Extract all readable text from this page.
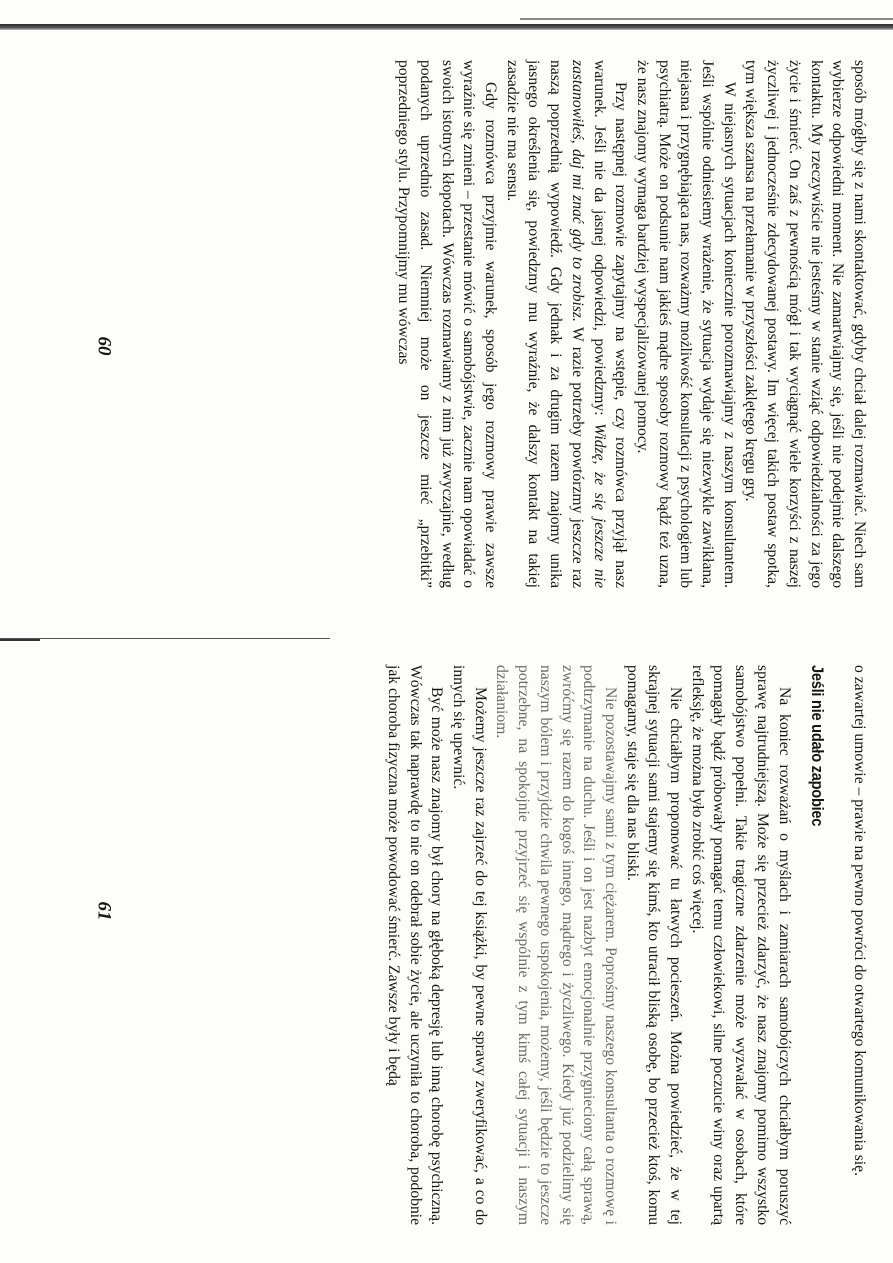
sposób mógłby się z nami skontaktować, gdyby chciał dalej rozmawiać. Niech sam wybierze odpowiedni moment. Nie zamartwiajmy się, jeśli nie podejmie dalszego kontaktu. My rzeczywiście nie jesteśmy w stanie wziąć odpowiedzialności za jego życie i śmierć. On zaś z pewnością mógł i tak wyciągnąć wiele korzyści z naszej życzliwej i jednocześnie zdecydowanej postawy. Im więcej takich postaw spotka, tym większa szansa na przełamanie w przyszłości zaklętego kręgu gry.

W niejasnych sytuacjach koniecznie porozmawiajmy z naszym konsultantem. Jeśli wspólnie odniesiemy wrażenie, że sytuacja wydaje się niezwykle zawikłana, niejasna i przygnębiająca nas, rozważmy możliwość konsultacji z psychologiem lub psychiatrą. Może on podsunie nam jakieś mądre sposoby rozmowy bądź też uzna, że nasz znajomy wymaga bardziej wyspecjalizowanej pomocy.

Przy następnej rozmowie zapytajmy na wstępie, czy rozmówca przyjął nasz warunek. Jeśli nie da jasnej odpowiedzi, powiedzmy: Widzę, że się jeszcze nie zastanowiłeś, daj mi znać gdy to zrobisz. W razie potrzeby powtórzmy jeszcze raz naszą poprzednią wypowiedź. Gdy jednak i za drugim razem znajomy unika jasnego określenia się, powiedzmy mu wyraźnie, że dalszy kontakt na takiej zasadzie nie ma sensu.

Gdy rozmówca przyjmie warunek, sposób jego rozmowy prawie zawsze wyraźnie się zmieni – przestanie mówić o samobójstwie, zacznie nam opowiadać o swoich istotnych kłopotach. Wówczas rozmawiamy z nim już zwyczajnie, według podanych uprzednio zasad. Niemniej może on jeszcze mieć „przebitki” poprzedniego stylu. Przypomnijmy mu wówczas

60

o zawartej umowie – prawie na pewno powróci do otwartego komunikowania się.

Jeśli nie udało zapobiec

Na koniec rozważań o myślach i zamiarach samobójczych chciałbym poruszyć sprawę najtrudniejszą. Może się przecież zdarzyć, że nasz znajomy pomimo wszystko samobójstwo popełni. Takie tragiczne zdarzenie może wyzwalać w osobach, które pomagały bądź próbowały pomagać temu człowiekowi, silne poczucie winy oraz upartą refleksję, że można było zrobić coś więcej.

Nie chciałbym proponować tu łatwych pocieszeń. Można powiedzieć, że w tej skrajnej sytuacji sami stajemy się kimś, kto utracił bliską osobę, bo przecież ktoś, komu pomagamy, staje się dla nas bliski.

Nie pozostawajmy sami z tym ciężarem. Poprośmy naszego konsultanta o rozmowę i podtrzymanie na duchu. Jeśli i on jest nazbyt emocjonalnie przygnieciony całą sprawą, zwróćmy się razem do kogoś innego, mądrego i życzliwego. Kiedy już podzielimy się naszym bólem i przyjdzie chwila pewnego uspokojenia, możemy, jeśli będzie to jeszcze potrzebne, na spokojnie przyjrzeć się wspólnie z tym kimś całej sytuacji i naszym działaniom.

Możemy jeszcze raz zajrzeć do tej książki, by pewne sprawy zweryfikować, a co do innych się upewnić.

Być może nasz znajomy był chory na głęboką depresję lub inną chorobę psychiczną. Wówczas tak naprawdę to nie on odebrał sobie życie, ale uczyniła to choroba, podobnie jak choroba fizyczna może powodować śmierć. Zawsze były i będą

61
